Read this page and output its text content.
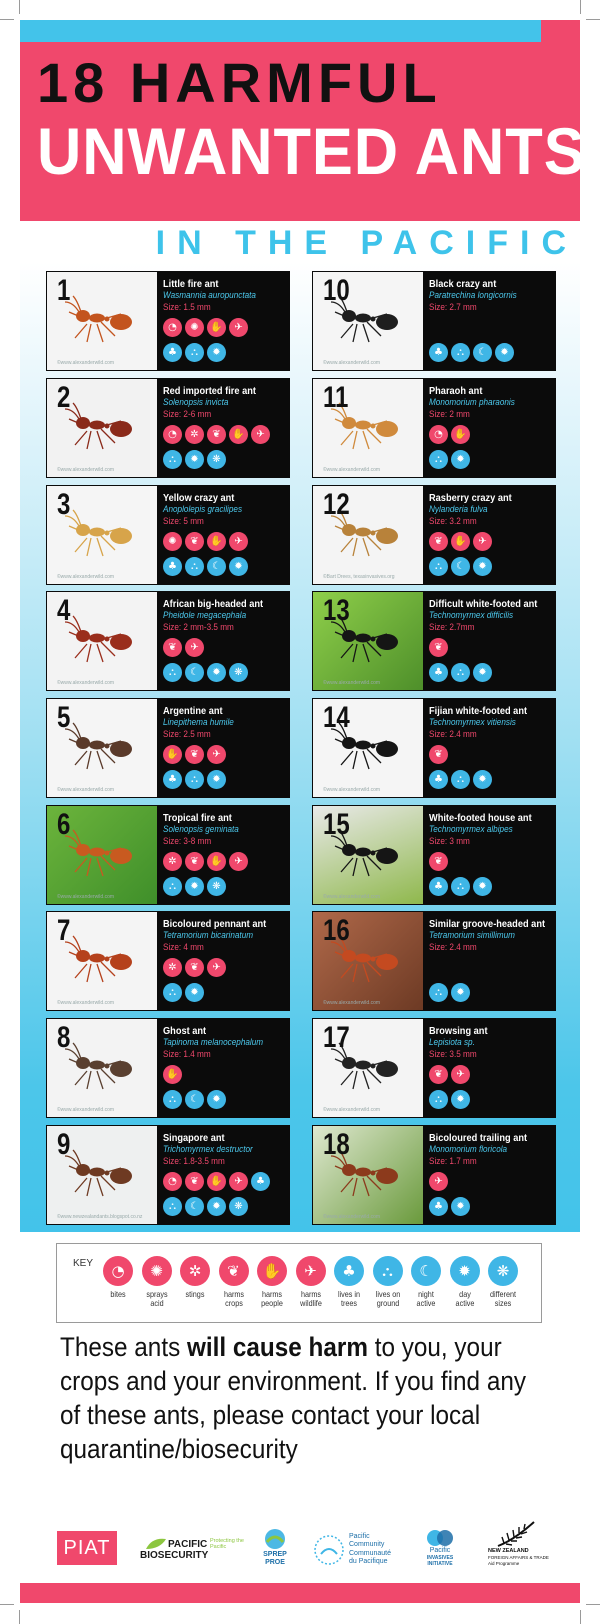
18 HARMFUL
UNWANTED ANTS
IN THE PACIFIC
1
©www.alexanderwild.com
Little fire ant
Wasmannia auropunctata
Size: 1.5 mm
◔	✺	✋	✈
♣	⛬	✹
2
©www.alexanderwild.com
Red imported fire ant
Solenopsis invicta
Size: 2-6 mm
◔	✲	❦	✋	✈
⛬	✹	❋
3
©www.alexanderwild.com
Yellow crazy ant
Anoplolepis gracilipes
Size: 5 mm
✺	❦	✋	✈
♣	⛬	☾	✹
4
©www.alexanderwild.com
African big-headed ant
Pheidole megacephala
Size: 2 mm-3.5 mm
❦	✈
⛬	☾	✹	❋
5
©www.alexanderwild.com
Argentine ant
Linepithema humile
Size: 2.5 mm
✋	❦	✈
♣	⛬	✹
6
©www.alexanderwild.com
Tropical fire ant
Solenopsis geminata
Size: 3-8 mm
✲	❦	✋	✈
⛬	✹	❋
7
©www.alexanderwild.com
Bicoloured pennant ant
Tetramorium bicarinatum
Size: 4 mm
✲	❦	✈
⛬	✹
8
©www.alexanderwild.com
Ghost ant
Tapinoma melanocephalum
Size: 1.4 mm
✋
⛬	☾	✹
9
©www.newzealandants.blogspot.co.nz
Singapore ant
Trichomyrmex destructor
Size: 1.8-3.5 mm
◔	❦	✋	✈	♣
⛬	☾	✹	❋
10
©www.alexanderwild.com
Black crazy ant
Paratrechina longicornis
Size: 2.7 mm
♣	⛬	☾	✹
11
©www.alexanderwild.com
Pharaoh ant
Monomorium pharaonis
Size: 2 mm
◔	✋
⛬	✹
12
©Bart Drees, texasinvasives.org
Rasberry crazy ant
Nylanderia fulva
Size: 3.2 mm
❦	✋	✈
⛬	☾	✹
13
©www.alexanderwild.com
Difficult white-footed ant
Technomyrmex difficilis
Size: 2.7mm
❦
♣	⛬	✹
14
©www.alexanderwild.com
Fijian white-footed ant
Technomyrmex vitiensis
Size: 2.4 mm
❦
♣	⛬	✹
15
©www.alexanderwild.com
White-footed house ant
Technomyrmex albipes
Size: 3 mm
❦
♣	⛬	✹
16
©www.alexanderwild.com
Similar groove-headed ant
Tetramorium simillimum
Size: 2.4 mm
⛬	✹
17
©www.alexanderwild.com
Browsing ant
Lepisiota sp.
Size: 3.5 mm
❦	✈
⛬	✹
18
©www.alexanderwild.com
Bicoloured trailing ant
Monomorium floricola
Size: 1.7 mm
✈
♣	✹
KEY	◔
bites
✺
sprays
acid
✲
stings
❦
harms
crops
✋
harms
people
✈
harms
wildlife
♣
lives in
trees
⛬
lives on
ground
☾
night
active
✹
day
active
❋
different
sizes
These ants will cause harm to you, your crops and your environment. If you find any of these ants, please contact your local quarantine/biosecurity
PIAT	PACIFIC
BIOSECURITY
Protecting the Pacific
SPREP
PROE
Pacific
Community
Communauté
du Pacifique
Pacific
INVASIVES
INITIATIVE
NEW ZEALAND
FOREIGN AFFAIRS & TRADE
Aid Programme
